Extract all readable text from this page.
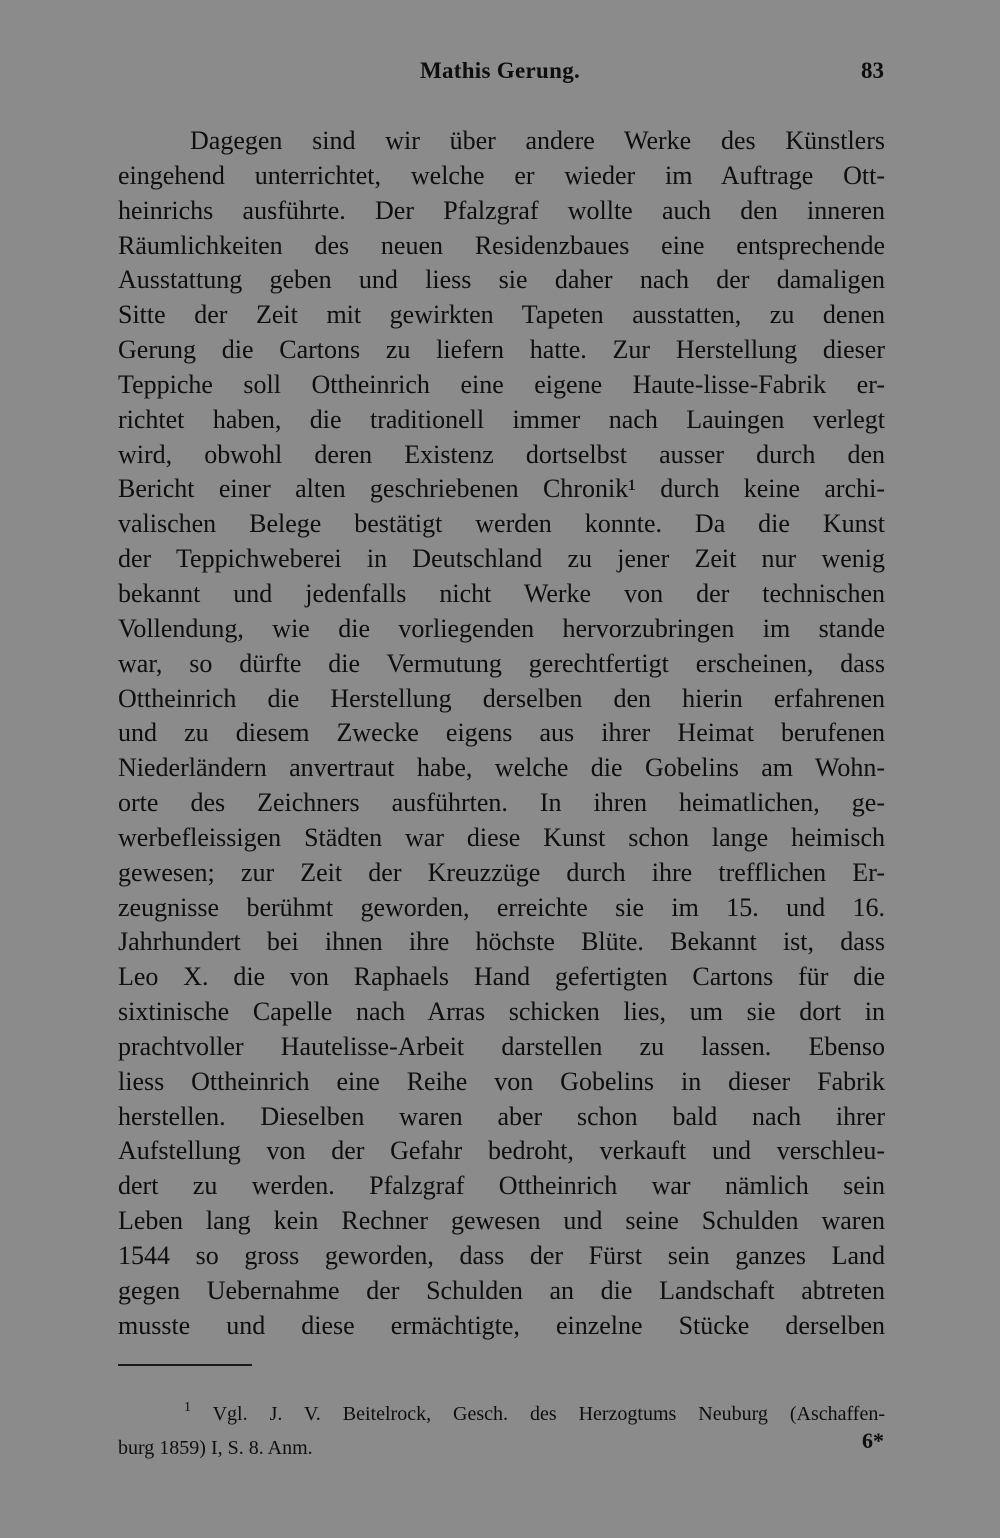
Mathis Gerung.	83
Dagegen sind wir über andere Werke des Künstlers
eingehend unterrichtet, welche er wieder im Auftrage Ott-
heinrichs ausführte. Der Pfalzgraf wollte auch den inneren
Räumlichkeiten des neuen Residenzbaues eine entsprechende
Ausstattung geben und liess sie daher nach der damaligen
Sitte der Zeit mit gewirkten Tapeten ausstatten, zu denen
Gerung die Cartons zu liefern hatte. Zur Herstellung dieser
Teppiche soll Ottheinrich eine eigene Haute-lisse-Fabrik er-
richtet haben, die traditionell immer nach Lauingen verlegt
wird, obwohl deren Existenz dortselbst ausser durch den
Bericht einer alten geschriebenen Chronik¹ durch keine archi-
valischen Belege bestätigt werden konnte. Da die Kunst
der Teppichweberei in Deutschland zu jener Zeit nur wenig
bekannt und jedenfalls nicht Werke von der technischen
Vollendung, wie die vorliegenden hervorzubringen im stande
war, so dürfte die Vermutung gerechtfertigt erscheinen, dass
Ottheinrich die Herstellung derselben den hierin erfahrenen
und zu diesem Zwecke eigens aus ihrer Heimat berufenen
Niederländern anvertraut habe, welche die Gobelins am Wohn-
orte des Zeichners ausführten. In ihren heimatlichen, ge-
werbefleissigen Städten war diese Kunst schon lange heimisch
gewesen; zur Zeit der Kreuzzüge durch ihre trefflichen Er-
zeugnisse berühmt geworden, erreichte sie im 15. und 16.
Jahrhundert bei ihnen ihre höchste Blüte. Bekannt ist, dass
Leo X. die von Raphaels Hand gefertigten Cartons für die
sixtinische Capelle nach Arras schicken lies, um sie dort in
prachtvoller Hautelisse-Arbeit darstellen zu lassen. Ebenso
liess Ottheinrich eine Reihe von Gobelins in dieser Fabrik
herstellen. Dieselben waren aber schon bald nach ihrer
Aufstellung von der Gefahr bedroht, verkauft und verschleu-
dert zu werden. Pfalzgraf Ottheinrich war nämlich sein
Leben lang kein Rechner gewesen und seine Schulden waren
1544 so gross geworden, dass der Fürst sein ganzes Land
gegen Uebernahme der Schulden an die Landschaft abtreten
musste und diese ermächtigte, einzelne Stücke derselben
$^1$ Vgl. J. V. Beitelrock, Gesch. des Herzogtums Neuburg (Aschaffen-
burg 1859) I, S. 8. Anm.	6*
